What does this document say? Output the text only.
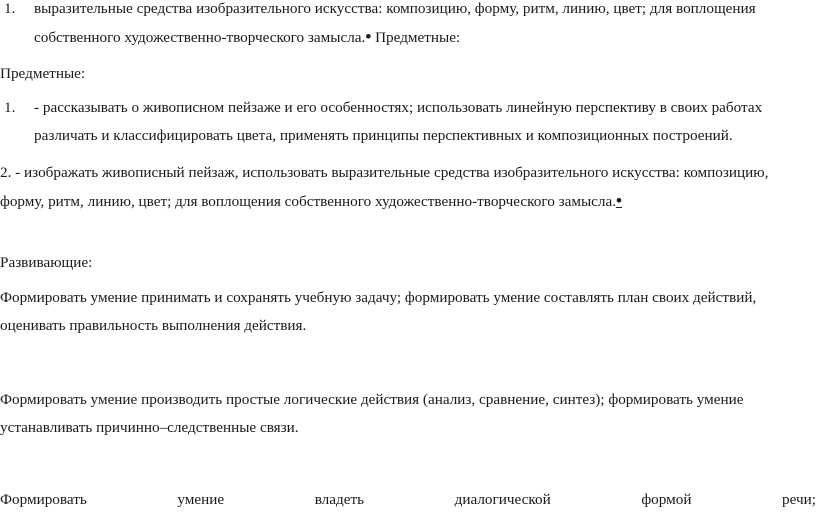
1. выразительные средства изобразительного искусства: композицию, форму, ритм, линию, цвет; для воплощения
собственного художественно-творческого замысла.• Предметные:
Предметные:
1. - рассказывать о живописном пейзаже и его особенностях; использовать линейную перспективу в своих работах
различать и классифицировать цвета, применять принципы перспективных и композиционных построений.
2. - изображать живописный пейзаж, использовать выразительные средства изобразительного искусства: композицию,
форму, ритм, линию, цвет; для воплощения собственного художественно-творческого замысла.•
Развивающие:
Формировать умение принимать и сохранять учебную задачу; формировать умение составлять план своих действий,
оценивать правильность выполнения действия.
Формировать умение производить простые логические действия (анализ, сравнение, синтез); формировать умение
устанавливать причинно–следственные связи.
Формировать	умение	владеть	диалогической	формой	речи;
